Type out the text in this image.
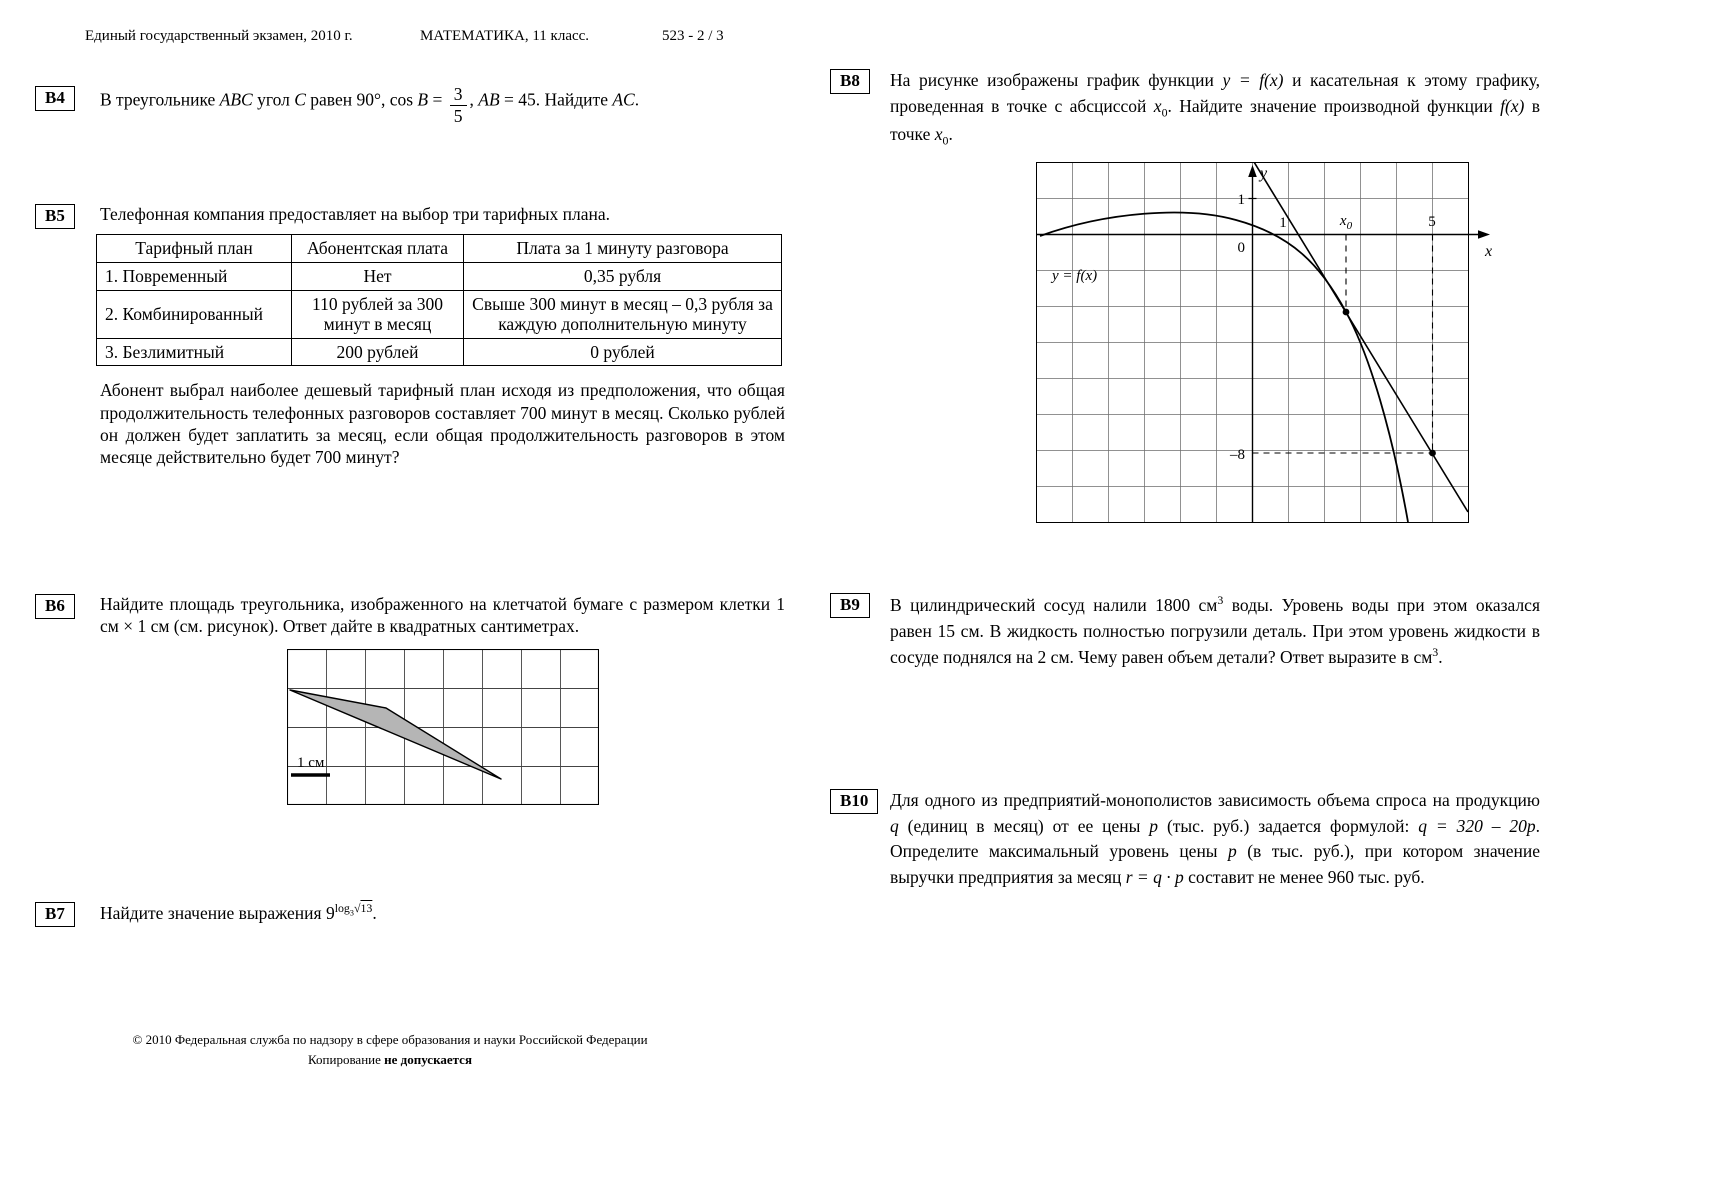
Единый государственный экзамен, 2010 г.	МАТЕМАТИКА, 11 класс.	523 - 2 / 3
В4	В треугольнике ABC угол C равен 90°, $\cos B = \frac{3}{5}$ , AB = 45. Найдите AC.
В5	Телефонная компания предоставляет на выбор три тарифных плана.
Тарифный план	Абонентская плата	Плата за 1 минуту разговора
1. Повременный	Нет	0,35 рубля
2. Комбинированный	110 рублей за 300 минут в месяц	Свыше 300 минут в месяц – 0,3 рубля за каждую дополнительную минуту
3. Безлимитный	200 рублей	0 рублей
Абонент выбрал наиболее дешевый тарифный план исходя из предположения, что общая продолжительность телефонных разговоров составляет 700 минут в месяц. Сколько рублей он должен будет заплатить за месяц, если общая продолжительность разговоров в этом месяце действительно будет 700 минут?
В6	Найдите площадь треугольника, изображенного на клетчатой бумаге с размером клетки 1 см × 1 см (см. рисунок). Ответ дайте в квадратных сантиметрах.
1 см
В7	Найдите значение выражения $9^{log_3√13}$.
В8	На рисунке изображены график функции y = f(x) и касательная к этому графику, проведенная в точке с абсциссой $x_0$. Найдите значение производной функции f(x) в точке $x_0$.
y
1
0
1	$x_0$	5
x
y = f(x)
–8
В9	В цилиндрический сосуд налили 1800 $см^3$ воды. Уровень воды при этом оказался равен 15 см. В жидкость полностью погрузили деталь. При этом уровень жидкости в сосуде поднялся на 2 см. Чему равен объем детали? Ответ выразите в $см^3$.
В10	Для одного из предприятий-монополистов зависимость объема спроса на продукцию q (единиц в месяц) от ее цены p (тыс. руб.) задается формулой: q = 320 – 20p. Определите максимальный уровень цены p (в тыс. руб.), при котором значение выручки предприятия за месяц r = q · p составит не менее 960 тыс. руб.
© 2010 Федеральная служба по надзору в сфере образования и науки Российской Федерации
Копирование не допускается
